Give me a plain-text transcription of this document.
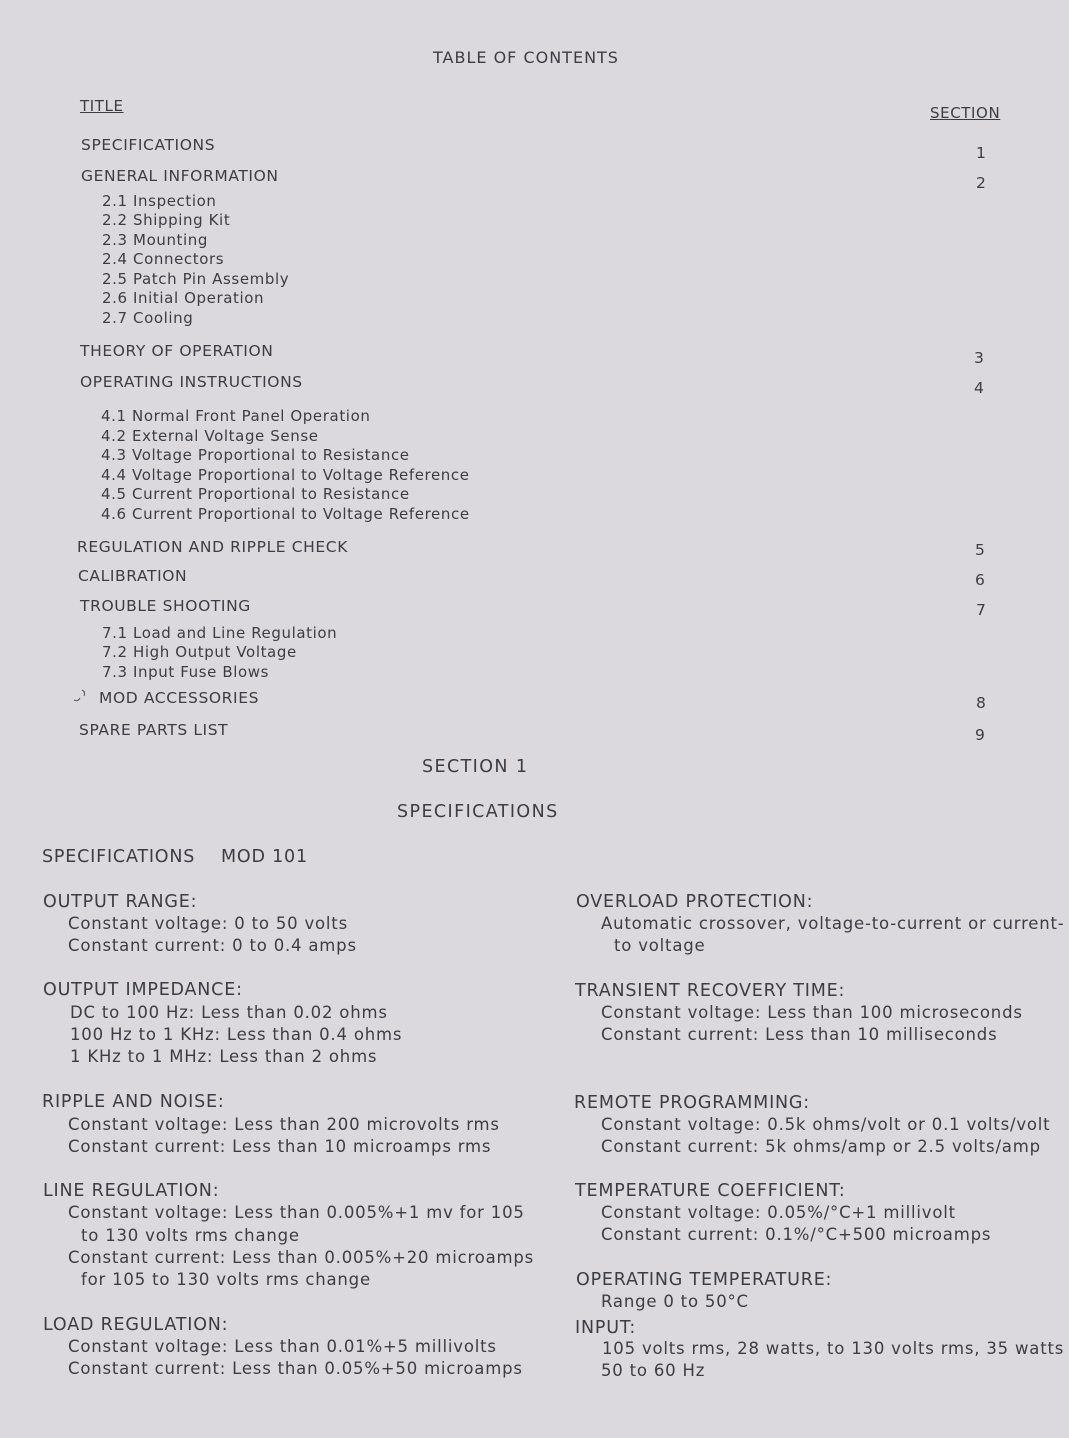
TABLE OF CONTENTS
TITLE	SECTION
SPECIFICATIONS	1
GENERAL INFORMATION	2
2.1 Inspection
2.2 Shipping Kit
2.3 Mounting
2.4 Connectors
2.5 Patch Pin Assembly
2.6 Initial Operation
2.7 Cooling
THEORY OF OPERATION	3
OPERATING INSTRUCTIONS	4
4.1 Normal Front Panel Operation
4.2 External Voltage Sense
4.3 Voltage Proportional to Resistance
4.4 Voltage Proportional to Voltage Reference
4.5 Current Proportional to Resistance
4.6 Current Proportional to Voltage Reference
REGULATION AND RIPPLE CHECK	5
CALIBRATION	6
TROUBLE SHOOTING	7
7.1 Load and Line Regulation
7.2 High Output Voltage
7.3 Input Fuse Blows
MOD ACCESSORIES	8
SPARE PARTS LIST	9
SECTION 1
SPECIFICATIONS
SPECIFICATIONS MOD 101
OUTPUT RANGE:
Constant voltage: 0 to 50 volts
Constant current: 0 to 0.4 amps
OUTPUT IMPEDANCE:
DC to 100 Hz: Less than 0.02 ohms
100 Hz to 1 KHz: Less than 0.4 ohms
1 KHz to 1 MHz: Less than 2 ohms
RIPPLE AND NOISE:
Constant voltage: Less than 200 microvolts rms
Constant current: Less than 10 microamps rms
LINE REGULATION:
Constant voltage: Less than 0.005%+1 mv for 105
to 130 volts rms change
Constant current: Less than 0.005%+20 microamps
for 105 to 130 volts rms change
LOAD REGULATION:
Constant voltage: Less than 0.01%+5 millivolts
Constant current: Less than 0.05%+50 microamps
OVERLOAD PROTECTION:
Automatic crossover, voltage-to-current or current-
to voltage
TRANSIENT RECOVERY TIME:
Constant voltage: Less than 100 microseconds
Constant current: Less than 10 milliseconds
REMOTE PROGRAMMING:
Constant voltage: 0.5k ohms/volt or 0.1 volts/volt
Constant current: 5k ohms/amp or 2.5 volts/amp
TEMPERATURE COEFFICIENT:
Constant voltage: 0.05%/°C+1 millivolt
Constant current: 0.1%/°C+500 microamps
OPERATING TEMPERATURE:
Range 0 to 50°C
INPUT:
105 volts rms, 28 watts, to 130 volts rms, 35 watts
50 to 60 Hz
